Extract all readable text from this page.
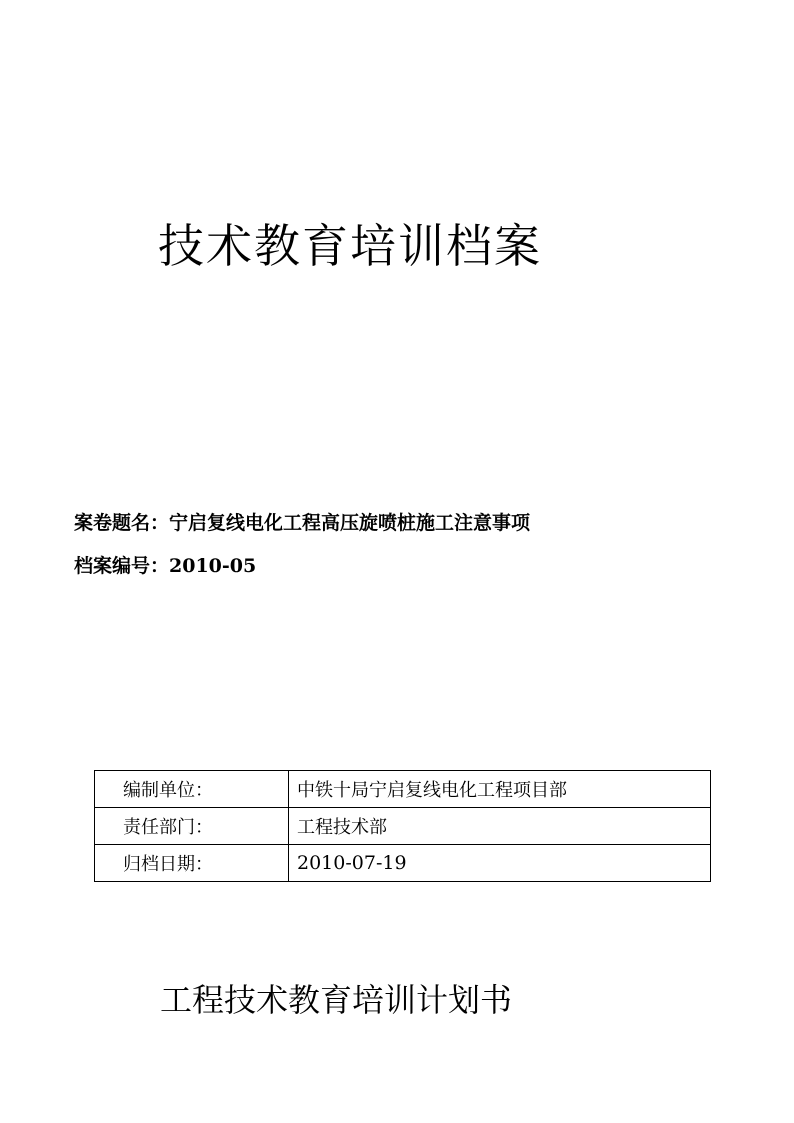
技术教育培训档案
案卷题名：宁启复线电化工程高压旋喷桩施工注意事项
档案编号：2010-05
编制单位：	中铁十局宁启复线电化工程项目部
责任部门：	工程技术部
归档日期：	2010-07-19
工程技术教育培训计划书
